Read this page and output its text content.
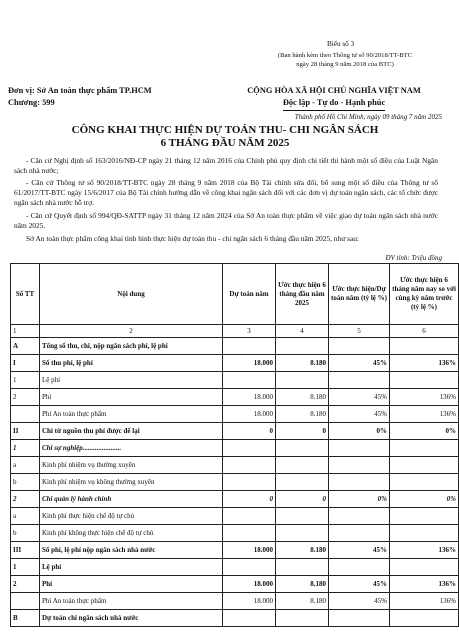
Biểu số 3
(Ban hành kèm theo Thông tư số 90/2018/TT-BTC
ngày 28 tháng 9 năm 2018 của BTC)
Đơn vị: Sở An toàn thực phẩm TP.HCM
Chương: 599
CỘNG HÒA XÃ HỘI CHỦ NGHĨA VIỆT NAM
Độc lập - Tự do - Hạnh phúc
Thành phố Hồ Chí Minh, ngày 09 tháng 7 năm 2025
CÔNG KHAI THỰC HIỆN DỰ TOÁN THU- CHI NGÂN SÁCH
6 THÁNG ĐẦU NĂM 2025
- Căn cứ Nghị định số 163/2016/NĐ-CP ngày 21 tháng 12 năm 2016 của Chính phủ quy định chi tiết thi hành một số điều của Luật Ngân sách nhà nước;
- Căn cứ Thông tư số 90/2018/TT-BTC ngày 28 tháng 9 năm 2018 của Bộ Tài chính sửa đổi, bổ sung một số điều của Thông tư số 61/2017/TT-BTC ngày 15/6/2017 của Bộ Tài chính hướng dẫn về công khai ngân sách đối với các đơn vị dự toán ngân sách, các tổ chức được ngân sách nhà nước hỗ trợ.
- Căn cứ Quyết định số 994/QĐ-SATTP ngày 31 tháng 12 năm 2024 của Sở An toàn thực phẩm về việc giao dự toán ngân sách nhà nước năm 2025.
Sở An toàn thực phẩm công khai tình hình thực hiện dự toán thu - chi ngân sách 6 tháng đầu năm 2025, như sau:
ĐV tính: Triệu đồng
Số TT	Nội dung	Dự toán năm	Ước thực hiện 6 tháng đầu năm 2025	Ước thực hiện/Dự toán năm (tỷ lệ %)	Ước thực hiện 6 tháng năm nay so với cùng kỳ năm trước (tỷ lệ %)
1	2	3	4	5	6
A	Tổng số thu, chi, nộp ngân sách phí, lệ phí				
I	Số thu phí, lệ phí	18.000	8.180	45%	136%
1	Lệ phí				
2	Phí	18.000	8.180	45%	136%
	Phí An toàn thực phẩm	18.000	8.180	45%	136%
II	Chi từ nguồn thu phí được để lại	0	0	0%	0%
1	Chi sự nghiệp......................				
a	Kinh phí nhiệm vụ thường xuyên				
b	Kinh phí nhiệm vụ không thường xuyên				
2	Chi quản lý hành chính	0	0	0%	0%
a	Kinh phí thực hiện chế độ tự chủ				
b	Kinh phí không thực hiện chế độ tự chủ				
III	Số phí, lệ phí nộp ngân sách nhà nước	18.000	8.180	45%	136%
1	Lệ phí				
2	Phí	18.000	8.180	45%	136%
	Phí An toàn thực phẩm	18.000	8.180	45%	136%
B	Dự toán chi ngân sách nhà nước				
